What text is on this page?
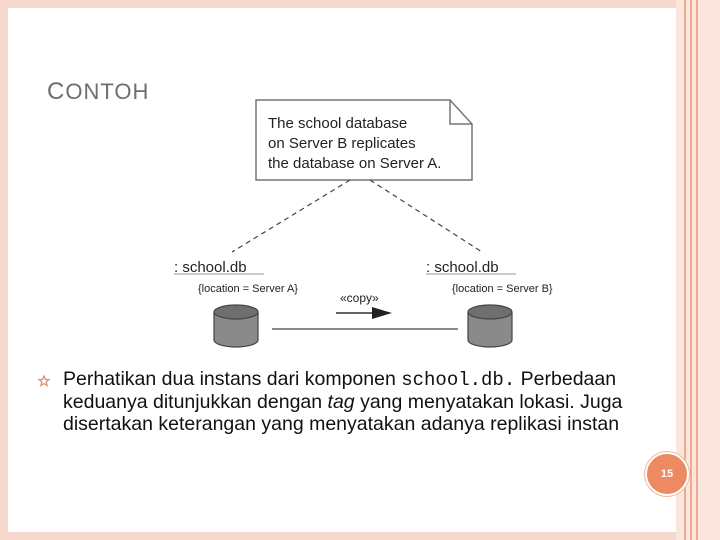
CONTOH
The school database
on Server B replicates
the database on Server A.
: school.db
{location = Server A}
: school.db
{location = Server B}
«copy»
Perhatikan dua instans dari komponen school.db. Perbedaan keduanya ditunjukkan dengan tag yang menyatakan lokasi. Juga disertakan keterangan yang menyatakan adanya replikasi instan
15
